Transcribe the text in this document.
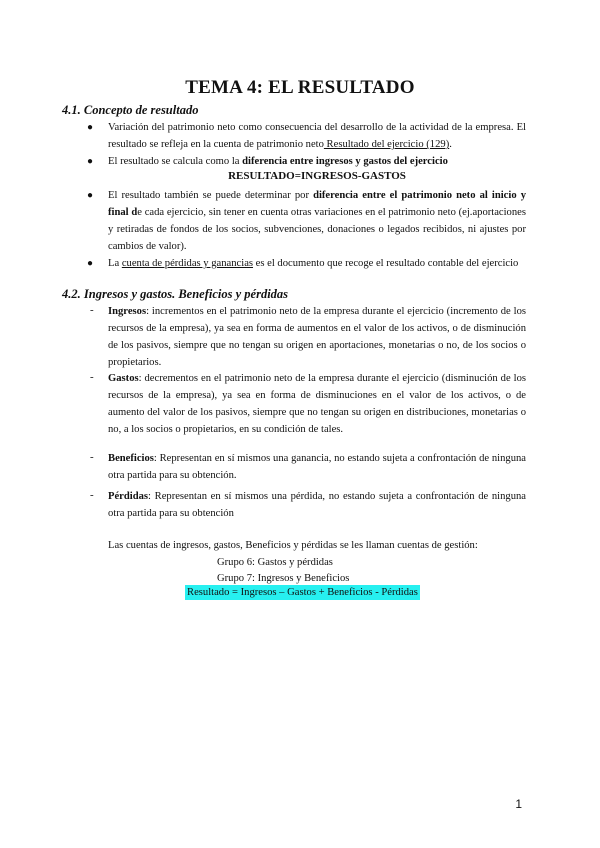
TEMA 4: EL RESULTADO
4.1. Concepto de resultado
● Variación del patrimonio neto como consecuencia del desarrollo de la actividad de la empresa. El resultado se refleja en la cuenta de patrimonio neto Resultado del ejercicio (129).
● El resultado se calcula como la diferencia entre ingresos y gastos del ejercicio
RESULTADO=INGRESOS-GASTOS
● El resultado también se puede determinar por diferencia entre el patrimonio neto al inicio y final de cada ejercicio, sin tener en cuenta otras variaciones en el patrimonio neto (ej.aportaciones y retiradas de fondos de los socios, subvenciones, donaciones o legados recibidos, ni ajustes por cambios de valor).
● La cuenta de pérdidas y ganancias es el documento que recoge el resultado contable del ejercicio
4.2. Ingresos y gastos. Beneficios y pérdidas
- Ingresos: incrementos en el patrimonio neto de la empresa durante el ejercicio (incremento de los recursos de la empresa), ya sea en forma de aumentos en el valor de los activos, o de disminución de los pasivos, siempre que no tengan su origen en aportaciones, monetarias o no, de los socios o propietarios.
- Gastos: decrementos en el patrimonio neto de la empresa durante el ejercicio (disminución de los recursos de la empresa), ya sea en forma de disminuciones en el valor de los activos, o de aumento del valor de los pasivos, siempre que no tengan su origen en distribuciones, monetarias o no, a los socios o propietarios, en su condición de tales.
- Beneficios: Representan en sí mismos una ganancia, no estando sujeta a confrontación de ninguna otra partida para su obtención.
- Pérdidas: Representan en sí mismos una pérdida, no estando sujeta a confrontación de ninguna otra partida para su obtención
Las cuentas de ingresos, gastos, Beneficios y pérdidas se les llaman cuentas de gestión:
Grupo 6: Gastos y pérdidas
Grupo 7: Ingresos y Beneficios
Resultado = Ingresos – Gastos + Beneficios - Pérdidas
1
